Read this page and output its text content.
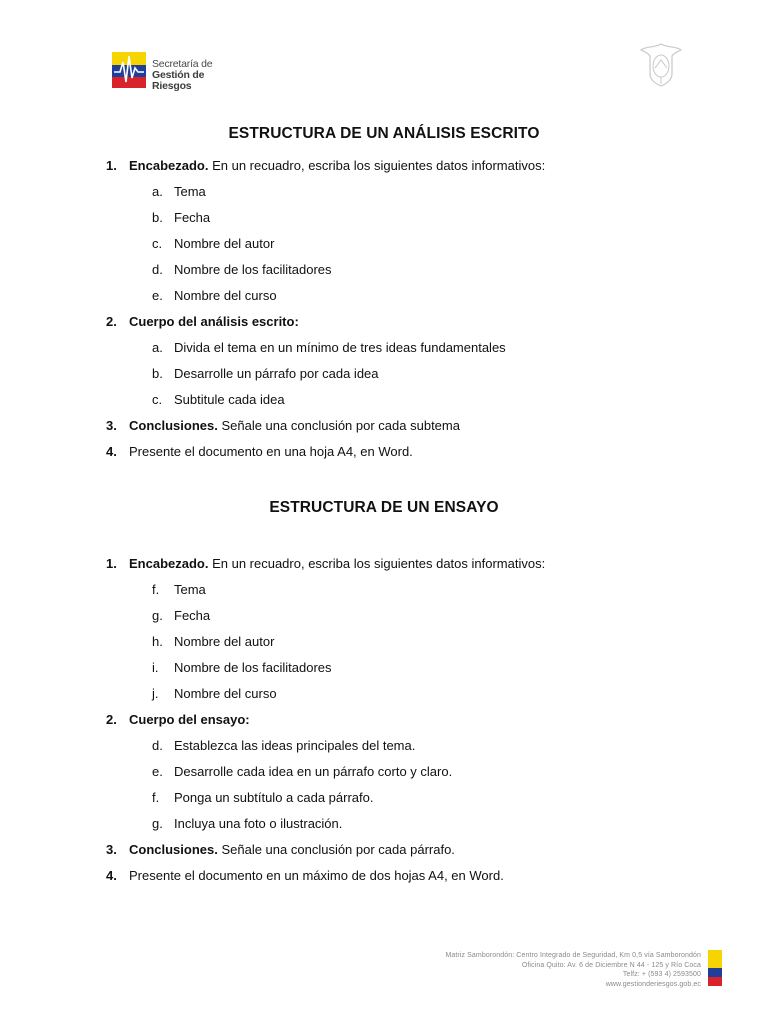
Secretaría de
Gestión de Riesgos
ESTRUCTURA DE UN ANÁLISIS ESCRITO
ESTRUCTURA DE UN ENSAYO
1. Encabezado. En un recuadro, escriba los siguientes datos informativos:
a. Tema
b. Fecha
c. Nombre del autor
d. Nombre de los facilitadores
e. Nombre del curso
2. Cuerpo del análisis escrito:
a. Divida el tema en un mínimo de tres ideas fundamentales
b. Desarrolle un párrafo por cada idea
c. Subtitule cada idea
3. Conclusiones. Señale una conclusión por cada subtema
4. Presente el documento en una hoja A4, en Word.
1. Encabezado. En un recuadro, escriba los siguientes datos informativos:
f.	Tema
g. Fecha
h. Nombre del autor
i.	Nombre de los facilitadores
j.	Nombre del curso
2. Cuerpo del ensayo:
d. Establezca las ideas principales del tema.
e. Desarrolle cada idea en un párrafo corto y claro.
f.	Ponga un subtítulo a cada párrafo.
g. Incluya una foto o ilustración.
3. Conclusiones. Señale una conclusión por cada párrafo.
4. Presente el documento en un máximo de dos hojas A4, en Word.
Matriz Samborondón: Centro Integrado de Seguridad, Km 0,5 vía Samborondón
Oficina Quito: Av. 6 de Diciembre N 44 - 125 y Río Coca
Telfz: + (593 4) 2593500
www.gestionderiesgos.gob.ec
